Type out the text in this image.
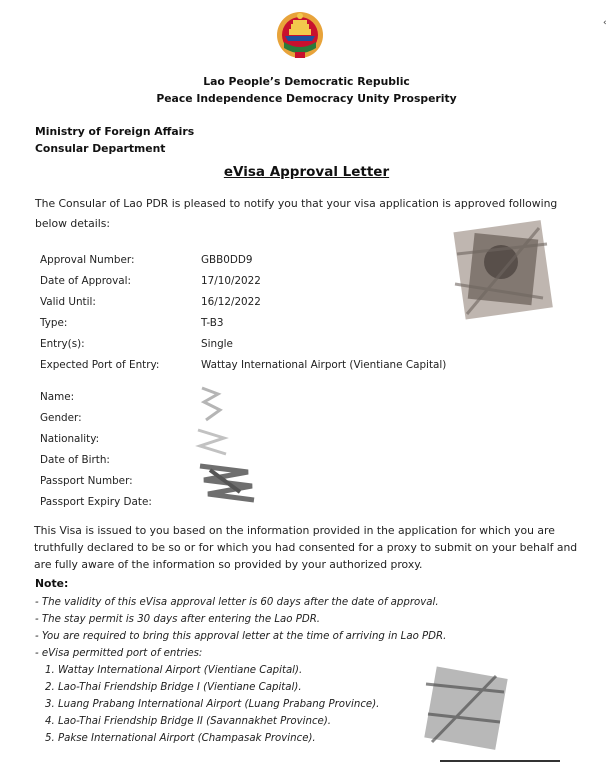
‹
Lao People’s Democratic Republic
Peace Independence Democracy Unity Prosperity
Ministry of Foreign Affairs
Consular Department
eVisa Approval Letter
The Consular of Lao PDR is pleased to notify you that your visa application is approved following below details:
Approval Number:	GBB0DD9
Date of Approval:	17/10/2022
Valid Until:	16/12/2022
Type:	T-B3
Entry(s):	Single
Expected Port of Entry:	Wattay International Airport (Vientiane Capital)
Name:
Gender:
Nationality:
Date of Birth:
Passport Number:
Passport Expiry Date:
This Visa is issued to you based on the information provided in the application for which you are truthfully declared to be so or for which you had consented for a proxy to submit on your behalf and are fully aware of the information so provided by your authorized proxy.
Note:
- The validity of this eVisa approval letter is 60 days after the date of approval.
- The stay permit is 30 days after entering the Lao PDR.
- You are required to bring this approval letter at the time of arriving in Lao PDR.
- eVisa permitted port of entries:
1. Wattay International Airport (Vientiane Capital).
2. Lao-Thai Friendship Bridge I (Vientiane Capital).
3. Luang Prabang International Airport (Luang Prabang Province).
4. Lao-Thai Friendship Bridge II (Savannakhet Province).
5. Pakse International Airport (Champasak Province).
